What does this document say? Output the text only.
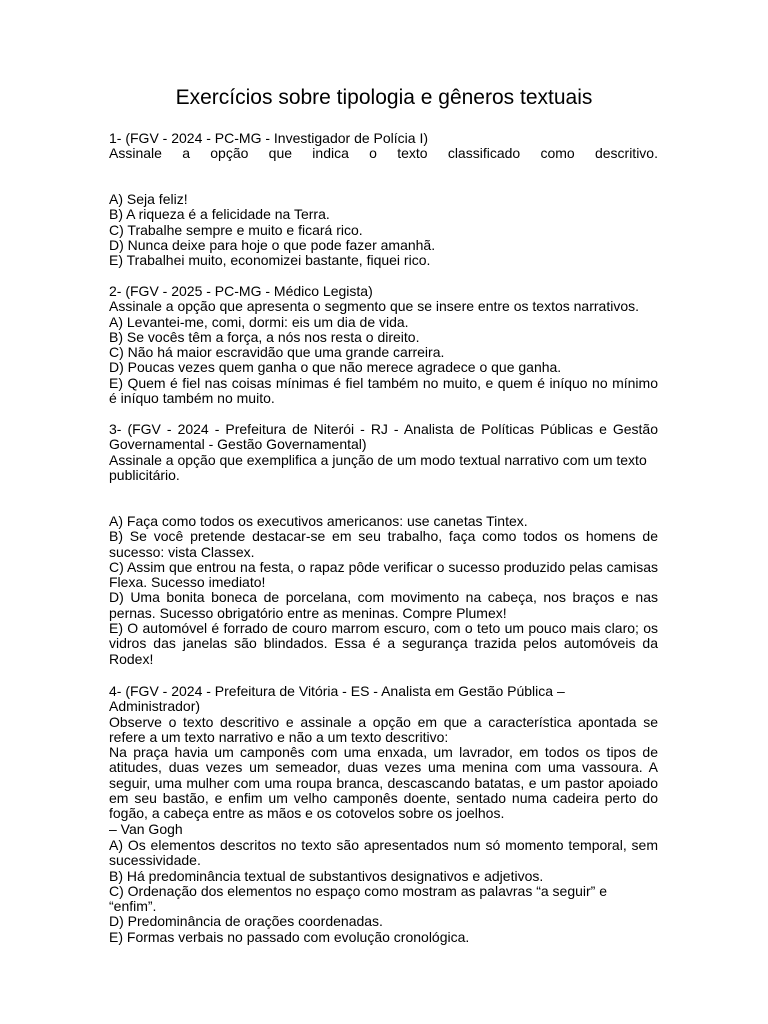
Exercícios sobre tipologia e gêneros textuais

1- (FGV - 2024 - PC-MG - Investigador de Polícia I)

Assinale a opção que indica o texto classificado como descritivo.

A) Seja feliz!

B) A riqueza é a felicidade na Terra.

C) Trabalhe sempre e muito e ficará rico.

D) Nunca deixe para hoje o que pode fazer amanhã.

E) Trabalhei muito, economizei bastante, fiquei rico.

2- (FGV - 2025 - PC-MG - Médico Legista)

Assinale a opção que apresenta o segmento que se insere entre os textos narrativos.

A) Levantei-me, comi, dormi: eis um dia de vida.

B) Se vocês têm a força, a nós nos resta o direito.

C) Não há maior escravidão que uma grande carreira.

D) Poucas vezes quem ganha o que não merece agradece o que ganha.

E) Quem é fiel nas coisas mínimas é fiel também no muito, e quem é iníquo no mínimo é iníquo também no muito.

3- (FGV - 2024 - Prefeitura de Niterói - RJ - Analista de Políticas Públicas e Gestão Governamental - Gestão Governamental)

Assinale a opção que exemplifica a junção de um modo textual narrativo com um texto publicitário.

A) Faça como todos os executivos americanos: use canetas Tintex.

B) Se você pretende destacar-se em seu trabalho, faça como todos os homens de sucesso: vista Classex.

C) Assim que entrou na festa, o rapaz pôde verificar o sucesso produzido pelas camisas Flexa. Sucesso imediato!

D) Uma bonita boneca de porcelana, com movimento na cabeça, nos braços e nas pernas. Sucesso obrigatório entre as meninas. Compre Plumex!

E) O automóvel é forrado de couro marrom escuro, com o teto um pouco mais claro; os vidros das janelas são blindados. Essa é a segurança trazida pelos automóveis da Rodex!

4- (FGV - 2024 - Prefeitura de Vitória - ES - Analista em Gestão Pública – Administrador)

Observe o texto descritivo e assinale a opção em que a característica apontada se refere a um texto narrativo e não a um texto descritivo:

Na praça havia um camponês com uma enxada, um lavrador, em todos os tipos de atitudes, duas vezes um semeador, duas vezes uma menina com uma vassoura. A seguir, uma mulher com uma roupa branca, descascando batatas, e um pastor apoiado em seu bastão, e enfim um velho camponês doente, sentado numa cadeira perto do fogão, a cabeça entre as mãos e os cotovelos sobre os joelhos.

– Van Gogh

A) Os elementos descritos no texto são apresentados num só momento temporal, sem sucessividade.

B) Há predominância textual de substantivos designativos e adjetivos.

C) Ordenação dos elementos no espaço como mostram as palavras “a seguir” e “enfim”.

D) Predominância de orações coordenadas.

E) Formas verbais no passado com evolução cronológica.
